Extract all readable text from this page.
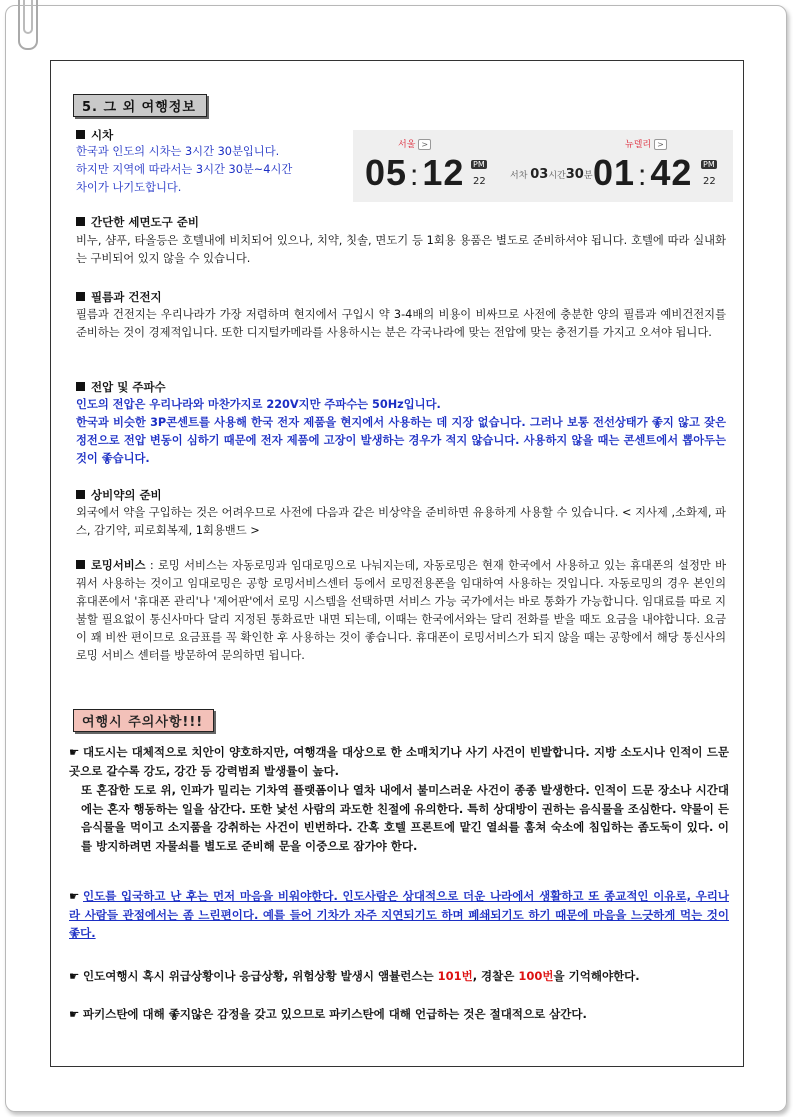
5. 그 외 여행정보
시차
한국과 인도의 시차는 3시간 30분입니다.
하지만 지역에 따라서는 3시간 30분~4시간
차이가 나기도합니다.
서울 >
05 :12 PM
22	서차 03시간30분
뉴델리 >
01 :42 PM
22
간단한 세면도구 준비
비누, 샴푸, 타올등은 호텔내에 비치되어 있으나, 치약, 칫솔, 면도기 등 1회용 용품은 별도로 준비하셔야 됩니다. 호텔에 따라 실내화는 구비되어 있지 않을 수 있습니다.
필름과 건전지
필름과 건전지는 우리나라가 가장 저렴하며 현지에서 구입시 약 3-4배의 비용이 비싸므로 사전에 충분한 양의 필름과 예비건전지를 준비하는 것이 경제적입니다. 또한 디지털카메라를 사용하시는 분은 각국나라에 맞는 전압에 맞는 충전기를 가지고 오셔야 됩니다.
전압 및 주파수
인도의 전압은 우리나라와 마찬가지로 220V지만 주파수는 50Hz입니다.
한국과 비슷한 3P콘센트를 사용해 한국 전자 제품을 현지에서 사용하는 데 지장 없습니다. 그러나 보통 전선상태가 좋지 않고 잦은 정전으로 전압 변동이 심하기 때문에 전자 제품에 고장이 발생하는 경우가 적지 않습니다. 사용하지 않을 때는 콘센트에서 뽑아두는 것이 좋습니다.
상비약의 준비
외국에서 약을 구입하는 것은 어려우므로 사전에 다음과 같은 비상약을 준비하면 유용하게 사용할 수 있습니다. < 지사제 ,소화제, 파스, 감기약, 피로회복제, 1회용밴드 >
로밍서비스 : 로밍 서비스는 자동로밍과 임대로밍으로 나눠지는데, 자동로밍은 현재 한국에서 사용하고 있는 휴대폰의 설정만 바꿔서 사용하는 것이고 임대로밍은 공항 로밍서비스센터 등에서 로밍전용폰을 임대하여 사용하는 것입니다. 자동로밍의 경우 본인의 휴대폰에서 '휴대폰 관리'나 '제어판'에서 로밍 시스템을 선택하면 서비스 가능 국가에서는 바로 통화가 가능합니다. 임대료를 따로 지불할 필요없이 통신사마다 달리 지정된 통화료만 내면 되는데, 이때는 한국에서와는 달리 전화를 받을 때도 요금을 내야합니다. 요금이 꽤 비싼 편이므로 요금표를 꼭 확인한 후 사용하는 것이 좋습니다. 휴대폰이 로밍서비스가 되지 않을 때는 공항에서 해당 통신사의 로밍 서비스 센터를 방문하여 문의하면 됩니다.
여행시 주의사항!!!
☛ 대도시는 대체적으로 치안이 양호하지만, 여행객을 대상으로 한 소매치기나 사기 사건이 빈발합니다. 지방 소도시나 인적이 드문 곳으로 갈수록 강도, 강간 등 강력범죄 발생률이 높다.
또 혼잡한 도로 위, 인파가 밀리는 기차역 플랫폼이나 열차 내에서 불미스러운 사건이 종종 발생한다. 인적이 드문 장소나 시간대에는 혼자 행동하는 일을 삼간다. 또한 낯선 사람의 과도한 친절에 유의한다. 특히 상대방이 권하는 음식물을 조심한다. 약물이 든 음식물을 먹이고 소지품을 강취하는 사건이 빈번하다. 간혹 호텔 프론트에 맡긴 열쇠를 훔쳐 숙소에 침입하는 좀도둑이 있다. 이를 방지하려면 자물쇠를 별도로 준비해 문을 이중으로 잠가야 한다.
☛ 인도를 입국하고 난 후는 먼저 마음을 비워야한다. 인도사람은 상대적으로 더운 나라에서 생활하고 또 종교적인 이유로, 우리나라 사람들 관점에서는 좀 느린편이다. 예를 들어 기차가 자주 지연되기도 하며 폐쇄되기도 하기 때문에 마음을 느긋하게 먹는 것이 좋다.
☛ 인도여행시 혹시 위급상황이나 응급상황, 위험상황 발생시 앰뷸런스는 101번, 경찰은 100번을 기억해야한다.
☛ 파키스탄에 대해 좋지않은 감정을 갖고 있으므로 파키스탄에 대해 언급하는 것은 절대적으로 삼간다.
